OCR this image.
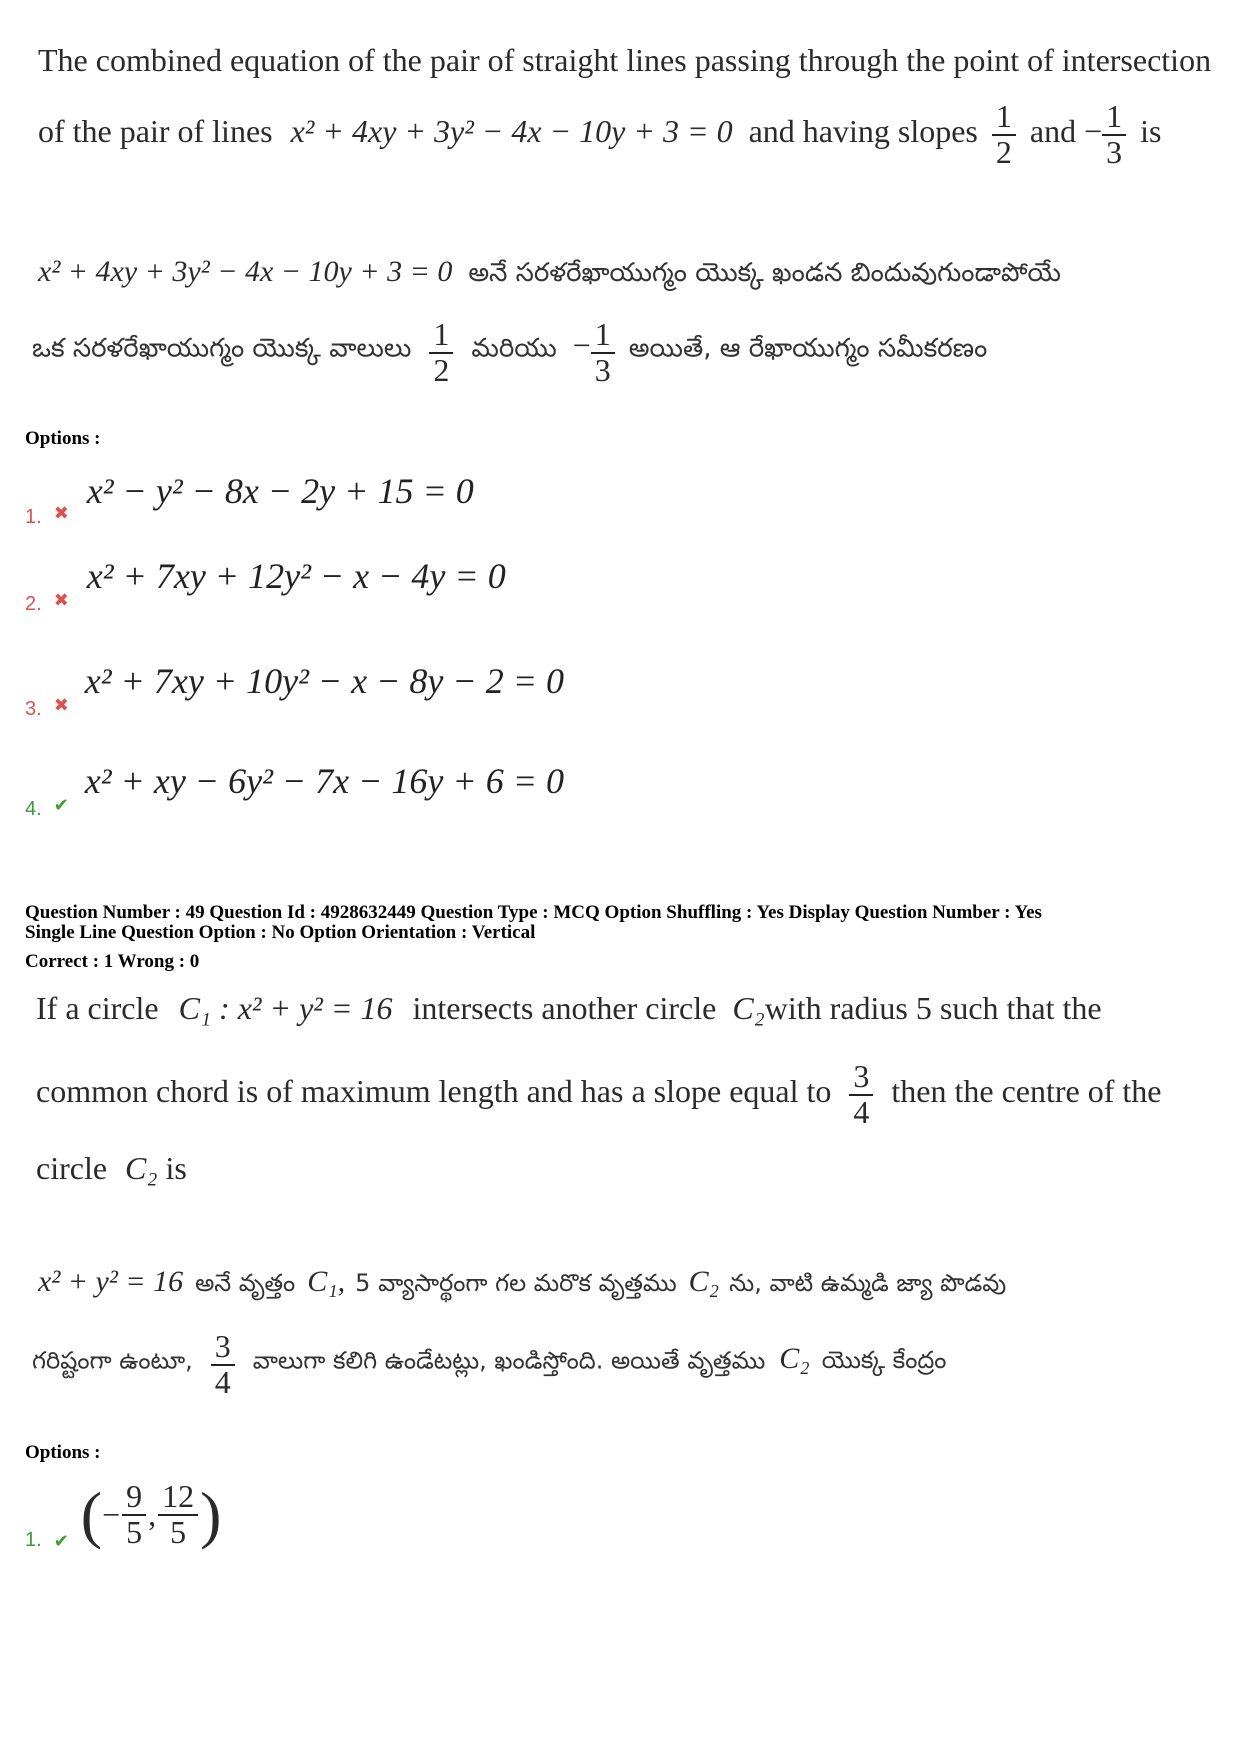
The combined equation of the pair of straight lines passing through the point of intersection
of the pair of lines x² + 4xy + 3y² − 4x − 10y + 3 = 0 and having slopes $\frac{1}{2}$ and − $\frac{1}{3}$ is
x² + 4xy + 3y² − 4x − 10y + 3 = 0 అనే సరళరేఖాయుగ్మం యొక్క ఖండన బిందువుగుండాపోయే
ఒక సరళరేఖాయుగ్మం యొక్క వాలులు $\frac{1}{2}$ మరియు − $\frac{1}{3}$ అయితే, ఆ రేఖాయుగ్మం సమీకరణం
Options :
1. ✖ x² − y² − 8x − 2y + 15 = 0
2. ✖ x² + 7xy + 12y² − x − 4y = 0
3. ✖ x² + 7xy + 10y² − x − 8y − 2 = 0
4. ✔ x² + xy − 6y² − 7x − 16y + 6 = 0
Question Number : 49 Question Id : 4928632449 Question Type : MCQ Option Shuffling : Yes Display Question Number : Yes
Single Line Question Option : No Option Orientation : Vertical
Correct : 1 Wrong : 0
If a circle C₁ : x² + y² = 16 intersects another circle C₂with radius 5 such that the
common chord is of maximum length and has a slope equal to $\frac{3}{4}$ then the centre of the
circle C₂ is
x² + y² = 16 అనే వృత్తం C₁, 5 వ్యాసార్థంగా గల మరొక వృత్తము C₂ ను, వాటి ఉమ్మడి జ్యా పొడవు
గరిష్టంగా ఉంటూ, $\frac{3}{4}$ వాలుగా కలిగి ఉండేటట్లు, ఖండిస్తోంది. అయితే వృత్తము C₂ యొక్క కేంద్రం
Options :
1. ✔ (− $\frac{9}{5}$ , $\frac{12}{5}$ )
